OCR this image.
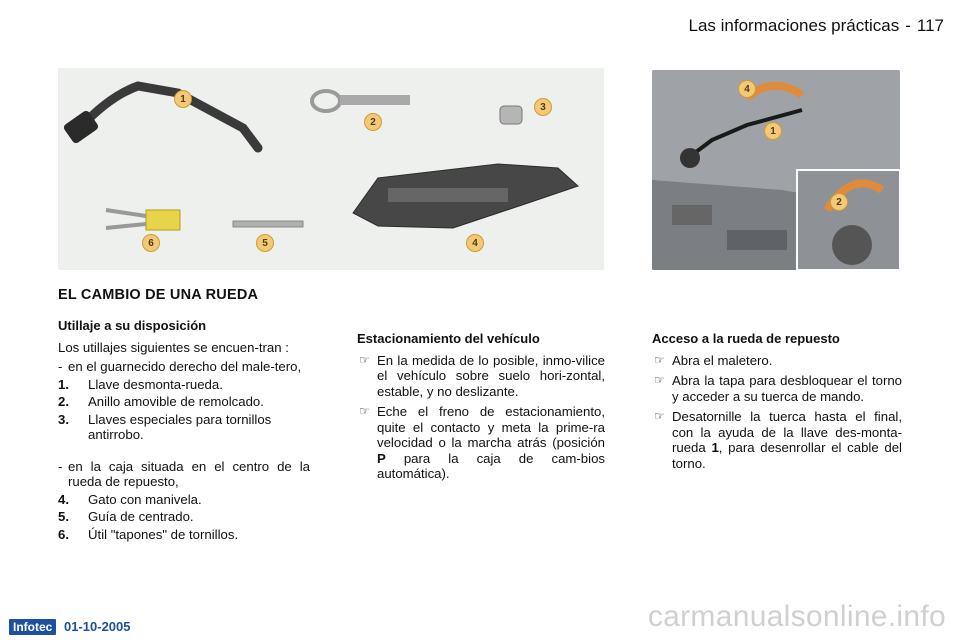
Las informaciones prácticas - 117
1
2
3
4
5
6
4
1
2
EL CAMBIO DE UNA RUEDA
Utillaje a su disposición
Los utillajes siguientes se encuen-tran :
- en el guarnecido derecho del male-tero,
1.	Llave desmonta-rueda.
2.	Anillo amovible de remolcado.
3.	Llaves especiales para tornillos antirrobo.
- en la caja situada en el centro de la rueda de repuesto,
4.	Gato con manivela.
5.	Guía de centrado.
6.	Útil "tapones" de tornillos.
Estacionamiento del vehículo
☞ En la medida de lo posible, inmo-vilice el vehículo sobre suelo hori-zontal, estable, y no deslizante.
☞ Eche el freno de estacionamiento, quite el contacto y meta la prime-ra velocidad o la marcha atrás (posición P para la caja de cam-bios automática).
Acceso a la rueda de repuesto
☞ Abra el maletero.
☞ Abra la tapa para desbloquear el torno y acceder a su tuerca de mando.
☞ Desatornille la tuerca hasta el final, con la ayuda de la llave des-monta-rueda 1, para desenrollar el cable del torno.
Infotec 01-10-2005	carmanualsonline.info
